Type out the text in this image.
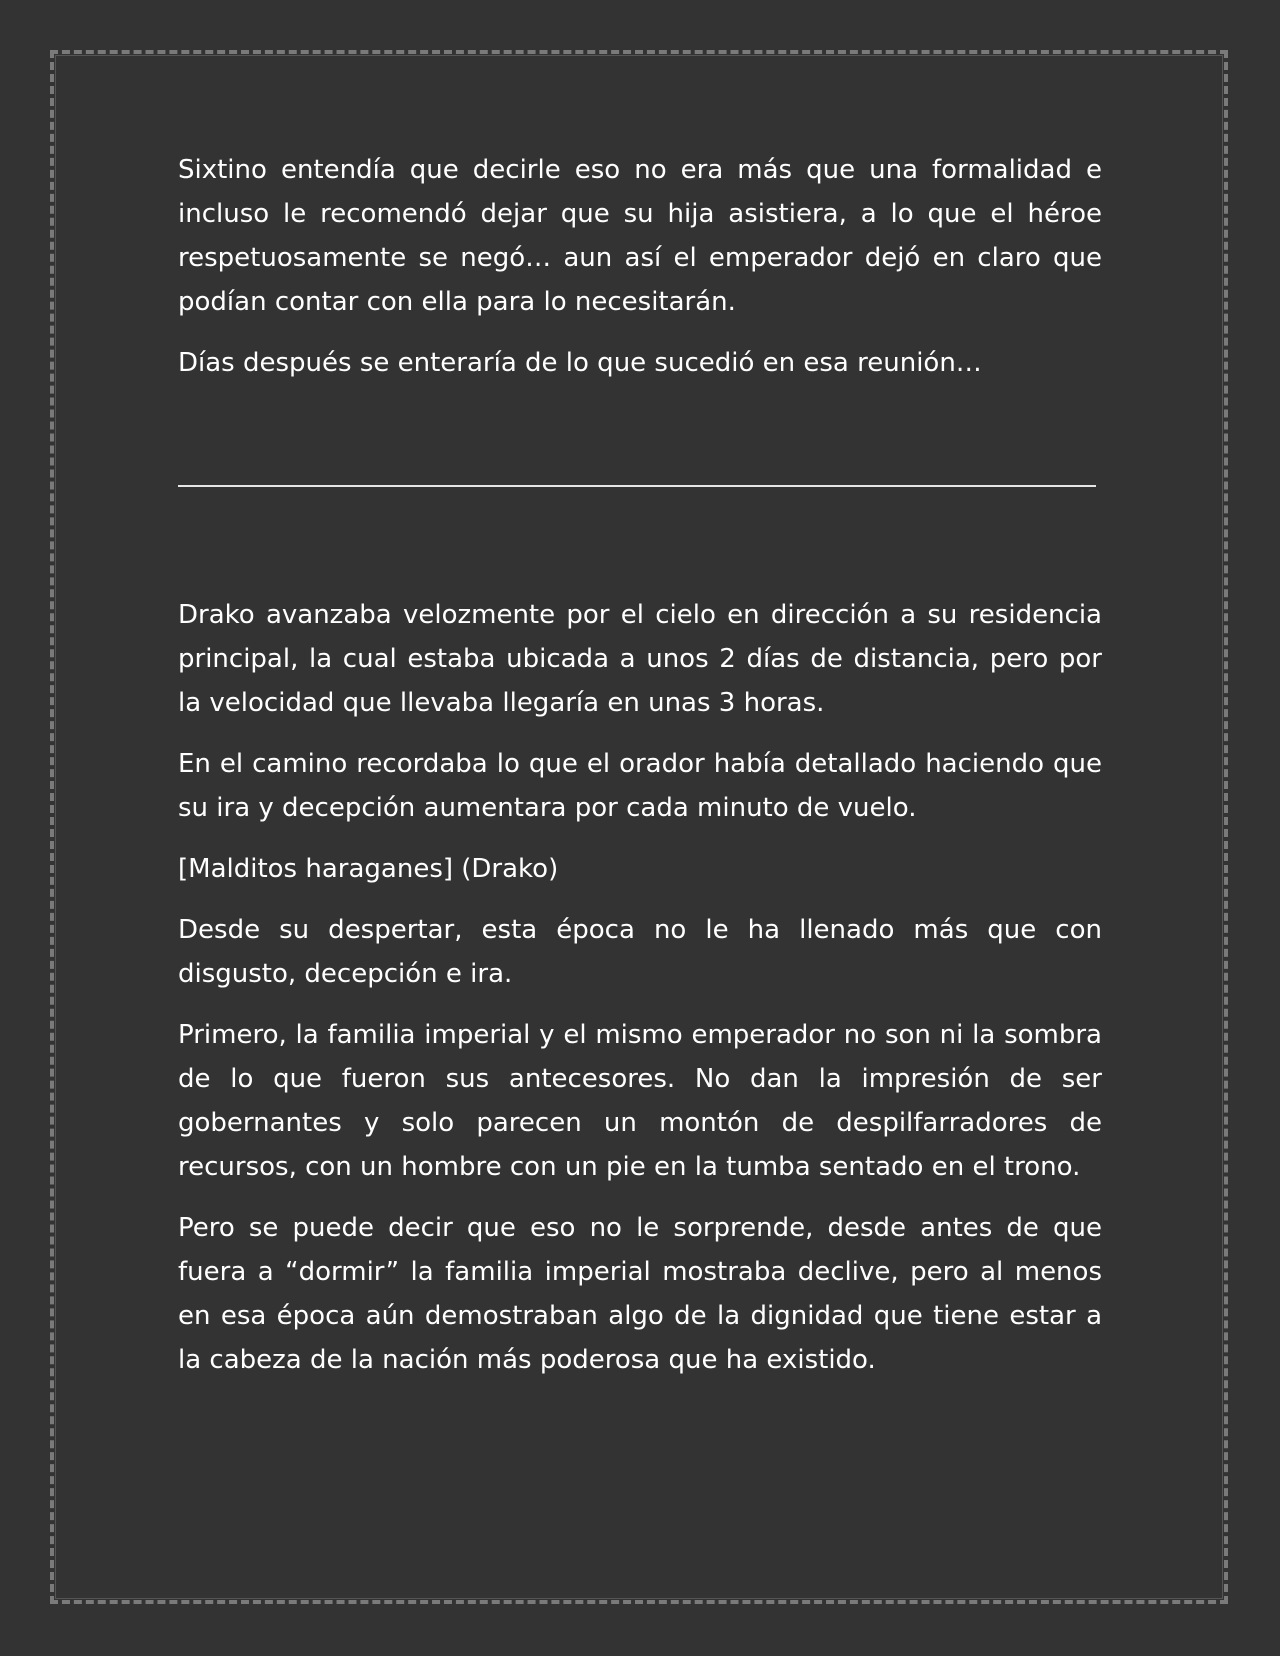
Sixtino entendía que decirle eso no era más que una formalidad e incluso le recomendó dejar que su hija asistiera, a lo que el héroe respetuosamente se negó… aun así el emperador dejó en claro que podían contar con ella para lo necesitarán.

Días después se enteraría de lo que sucedió en esa reunión…

Drako avanzaba velozmente por el cielo en dirección a su residencia principal, la cual estaba ubicada a unos 2 días de distancia, pero por la velocidad que llevaba llegaría en unas 3 horas.

En el camino recordaba lo que el orador había detallado haciendo que su ira y decepción aumentara por cada minuto de vuelo.

[Malditos haraganes] (Drako)

Desde su despertar, esta época no le ha llenado más que con disgusto, decepción e ira.

Primero, la familia imperial y el mismo emperador no son ni la sombra de lo que fueron sus antecesores. No dan la impresión de ser gobernantes y solo parecen un montón de despilfarradores de recursos, con un hombre con un pie en la tumba sentado en el trono.

Pero se puede decir que eso no le sorprende, desde antes de que fuera a “dormir” la familia imperial mostraba declive, pero al menos en esa época aún demostraban algo de la dignidad que tiene estar a la cabeza de la nación más poderosa que ha existido.
